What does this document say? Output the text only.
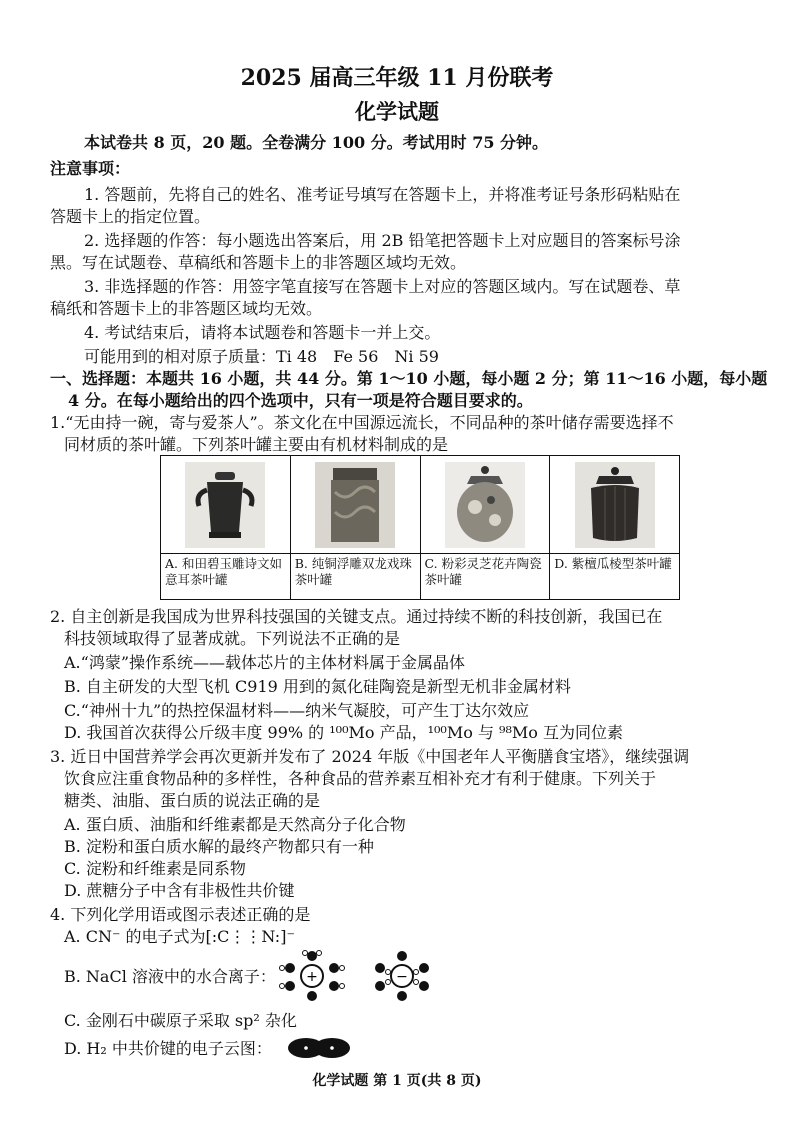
2025 届高三年级 11 月份联考
化学试题
本试卷共 8 页，20 题。全卷满分 100 分。考试用时 75 分钟。
注意事项：
1. 答题前，先将自己的姓名、准考证号填写在答题卡上，并将准考证号条形码粘贴在
答题卡上的指定位置。
2. 选择题的作答：每小题选出答案后，用 2B 铅笔把答题卡上对应题目的答案标号涂
黑。写在试题卷、草稿纸和答题卡上的非答题区域均无效。
3. 非选择题的作答：用签字笔直接写在答题卡上对应的答题区域内。写在试题卷、草
稿纸和答题卡上的非答题区域均无效。
4. 考试结束后，请将本试题卷和答题卡一并上交。
可能用到的相对原子质量：Ti 48　Fe 56　Ni 59
一、选择题：本题共 16 小题，共 44 分。第 1～10 小题，每小题 2 分；第 11～16 小题，每小题
4 分。在每小题给出的四个选项中，只有一项是符合题目要求的。
1.“无由持一碗，寄与爱茶人”。茶文化在中国源远流长，不同品种的茶叶储存需要选择不
同材质的茶叶罐。下列茶叶罐主要由有机材料制成的是

A. 和田碧玉雕诗文如意耳茶叶罐	B. 纯铜浮雕双龙戏珠茶叶罐	C. 粉彩灵芝花卉陶瓷茶叶罐	D. 紫檀瓜棱型茶叶罐
2. 自主创新是我国成为世界科技强国的关键支点。通过持续不断的科技创新，我国已在
科技领域取得了显著成就。下列说法不正确的是
A.“鸿蒙”操作系统——载体芯片的主体材料属于金属晶体
B. 自主研发的大型飞机 C919 用到的氮化硅陶瓷是新型无机非金属材料
C.“神州十九”的热控保温材料——纳米气凝胶，可产生丁达尔效应
D. 我国首次获得公斤级丰度 99% 的 ¹⁰⁰Mo 产品，¹⁰⁰Mo 与 ⁹⁸Mo 互为同位素
3. 近日中国营养学会再次更新并发布了 2024 年版《中国老年人平衡膳食宝塔》，继续强调
饮食应注重食物品种的多样性，各种食品的营养素互相补充才有利于健康。下列关于
糖类、油脂、蛋白质的说法正确的是
A. 蛋白质、油脂和纤维素都是天然高分子化合物
B. 淀粉和蛋白质水解的最终产物都只有一种
C. 淀粉和纤维素是同系物
D. 蔗糖分子中含有非极性共价键
4. 下列化学用语或图示表述正确的是
A. CN⁻ 的电子式为[:C⋮⋮N:]⁻
B. NaCl 溶液中的水合离子： +	−
C. 金刚石中碳原子采取 sp² 杂化
D. H₂ 中共价键的电子云图：
化学试题 第 1 页(共 8 页)
